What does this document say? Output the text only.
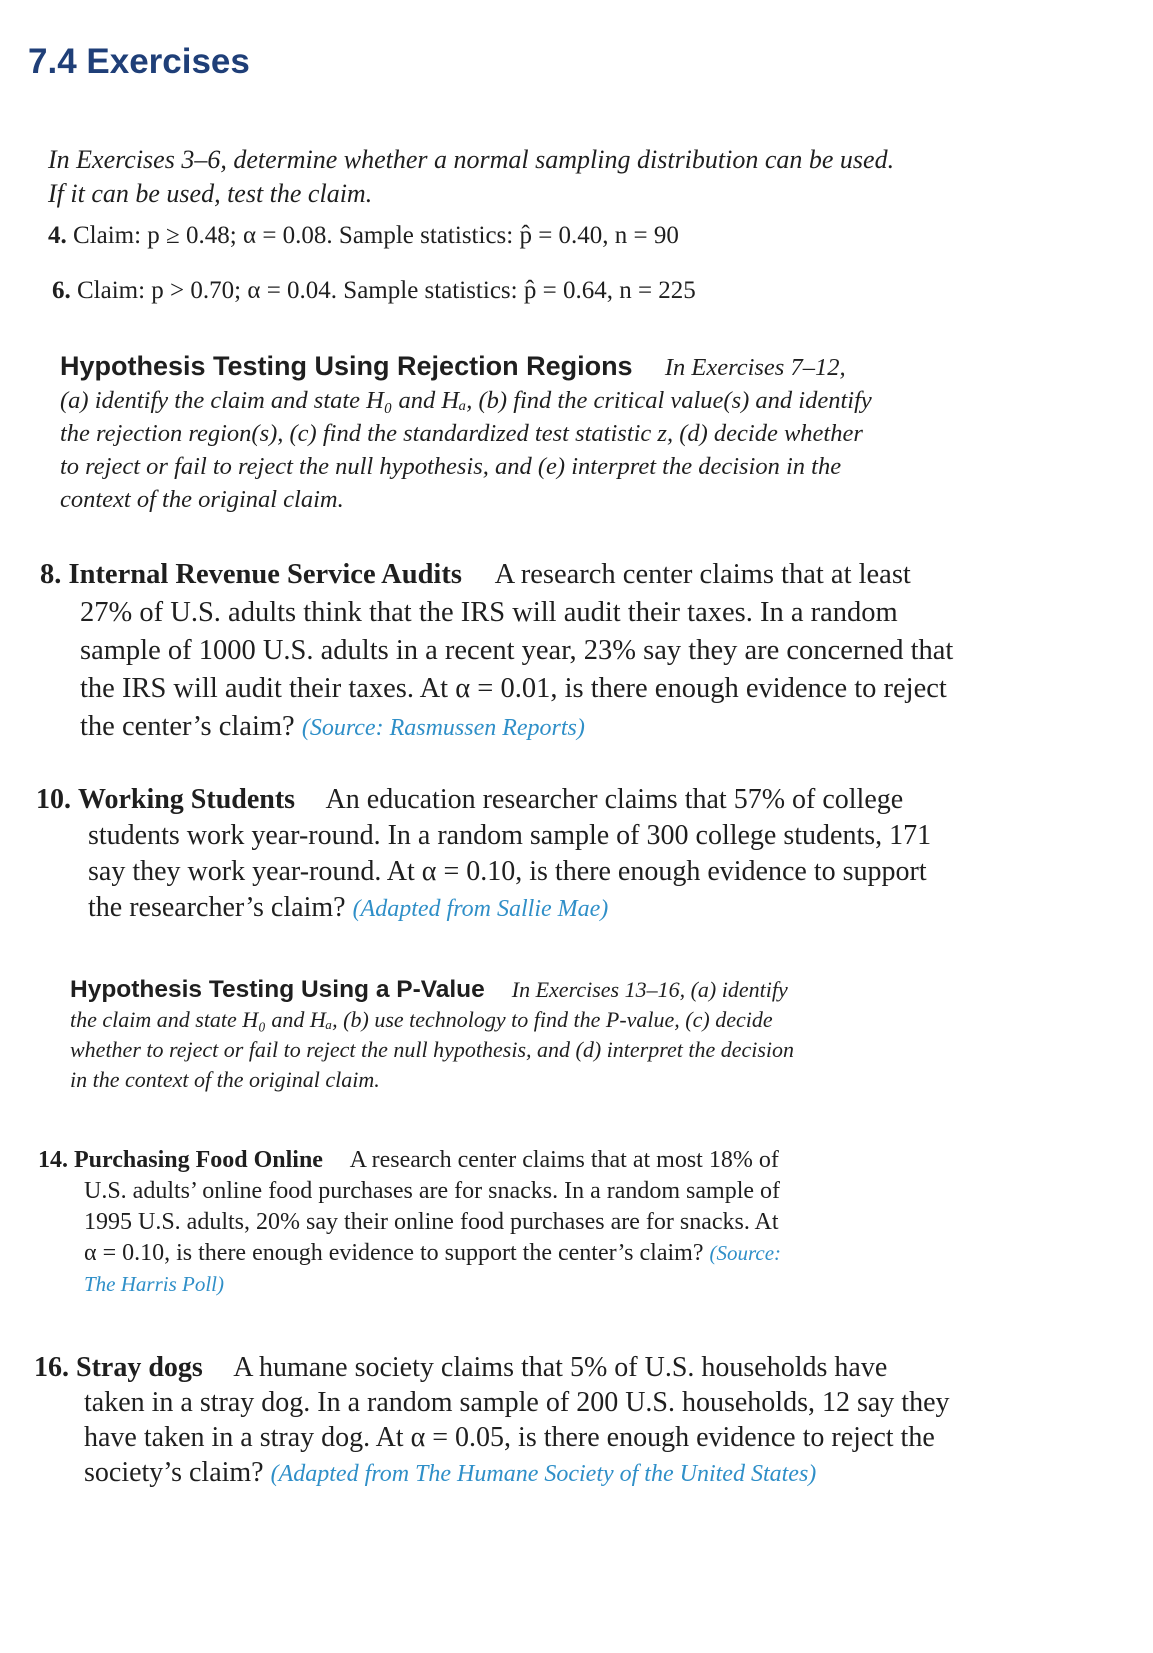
7.4 Exercises
In Exercises 3–6, determine whether a normal sampling distribution can be used.
If it can be used, test the claim.
4. Claim: p ≥ 0.48; α = 0.08. Sample statistics: p̂ = 0.40, n = 90
6. Claim: p > 0.70; α = 0.04. Sample statistics: p̂ = 0.64, n = 225
Hypothesis Testing Using Rejection Regions In Exercises 7–12,
(a) identify the claim and state H₀ and Hₐ, (b) find the critical value(s) and identify
the rejection region(s), (c) find the standardized test statistic z, (d) decide whether
to reject or fail to reject the null hypothesis, and (e) interpret the decision in the
context of the original claim.
8. Internal Revenue Service Audits A research center claims that at least
27% of U.S. adults think that the IRS will audit their taxes. In a random
sample of 1000 U.S. adults in a recent year, 23% say they are concerned that
the IRS will audit their taxes. At α = 0.01, is there enough evidence to reject
the center’s claim? (Source: Rasmussen Reports)
10. Working Students An education researcher claims that 57% of college
students work year-round. In a random sample of 300 college students, 171
say they work year-round. At α = 0.10, is there enough evidence to support
the researcher’s claim? (Adapted from Sallie Mae)
Hypothesis Testing Using a P-Value In Exercises 13–16, (a) identify
the claim and state H₀ and Hₐ, (b) use technology to find the P-value, (c) decide
whether to reject or fail to reject the null hypothesis, and (d) interpret the decision
in the context of the original claim.
14. Purchasing Food Online A research center claims that at most 18% of
U.S. adults’ online food purchases are for snacks. In a random sample of
1995 U.S. adults, 20% say their online food purchases are for snacks. At
α = 0.10, is there enough evidence to support the center’s claim? (Source:
The Harris Poll)
16. Stray dogs A humane society claims that 5% of U.S. households have
taken in a stray dog. In a random sample of 200 U.S. households, 12 say they
have taken in a stray dog. At α = 0.05, is there enough evidence to reject the
society’s claim? (Adapted from The Humane Society of the United States)
